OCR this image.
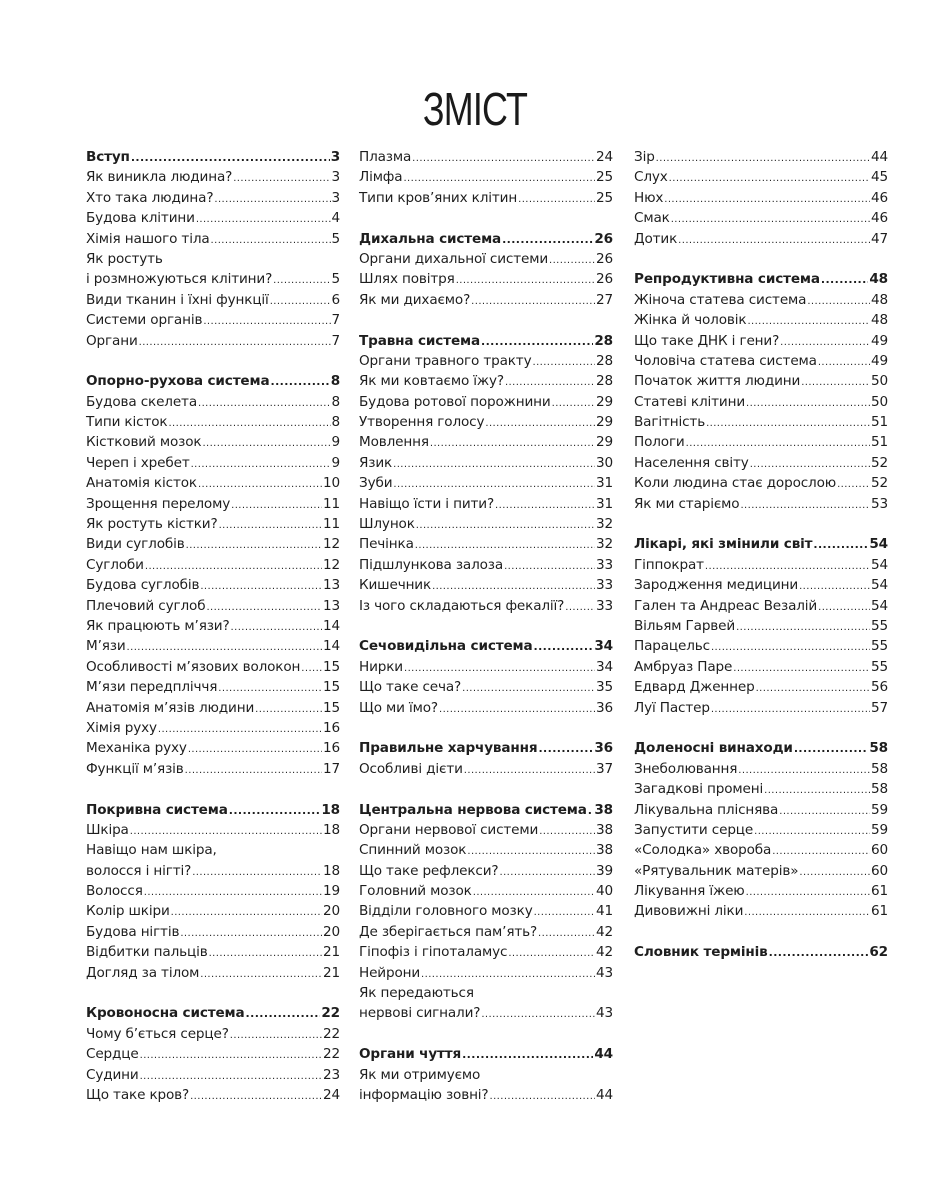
ЗМІСТ
Вступ .....	3
Як виникла людина? .....	3
Хто така людина? .....	3
Будова клітини .....	4
Хімія нашого тіла .....	5
Як ростуть
і розмножуються клітини? .....	5
Види тканин і їхні функції .....	6
Системи органів .....	7
Органи .....	7
Опорно-рухова система .....	8
Будова скелета .....	8
Типи кісток .....	8
Кістковий мозок .....	9
Череп і хребет .....	9
Анатомія кісток .....	10
Зрощення перелому .....	11
Як ростуть кістки? .....	11
Види суглобів .....	12
Суглоби .....	12
Будова суглобів .....	13
Плечовий суглоб .....	13
Як працюють м’язи? .....	14
М’язи .....	14
Особливості м’язових волокон ..... 15
М’язи передпліччя .....	15
Анатомія м’язів людини .....	15
Хімія руху .....	16
Механіка руху .....	16
Функції м’язів .....	17
Покривна система .....	18
Шкіра .....	18
Навіщо нам шкіра,
волосся і нігті? .....	18
Волосся .....	19
Колір шкіри .....	20
Будова нігтів .....	20
Відбитки пальців .....	21
Догляд за тілом .....	21
Кровоносна система .....	22
Чому б’ється серце? .....	22
Сердце .....	22
Судини .....	23
Що таке кров? .....	24
Плазма .....	24
Лімфа .....	25
Типи кров’яних клітин .....	25
Дихальна система .....	26
Органи дихальної системи .....	26
Шлях повітря .....	26
Як ми дихаємо? .....	27
Травна система .....	28
Органи травного тракту .....	28
Як ми ковтаємо їжу? .....	28
Будова ротової порожнини .....	29
Утворення голосу .....	29
Мовлення .....	29
Язик .....	30
Зуби .....	31
Навіщо їсти і пити? .....	31
Шлунок .....	32
Печінка .....	32
Підшлункова залоза .....	33
Кишечник .....	33
Із чого складаються фекалії? ..... 33
Сечовидільна система .....	34
Нирки .....	34
Що таке сеча? .....	35
Що ми їмо? .....	36
Правильне харчування .....	36
Особливі дієти .....	37
Центральна нервова система ..... 38
Органи нервової системи .....	38
Спинний мозок .....	38
Що таке рефлекси? .....	39
Головний мозок .....	40
Відділи головного мозку .....	41
Де зберігається пам’ять? .....	42
Гіпофіз і гіпоталамус .....	42
Нейрони .....	43
Як передаються
нервові сигнали? .....	43
Органи чуття .....	44
Як ми отримуємо
інформацію зовні? .....	44
Зір .....	44
Слух .....	45
Нюх .....	46
Смак .....	46
Дотик .....	47
Репродуктивна система .....	48
Жіноча статева система .....	48
Жінка й чоловік .....	48
Що таке ДНК і гени? .....	49
Чоловіча статева система .....	49
Початок життя людини .....	50
Статеві клітини .....	50
Вагітність .....	51
Пологи .....	51
Населення світу .....	52
Коли людина стає дорослою .....	52
Як ми старіємо .....	53
Лікарі, які змінили світ .....	54
Гіппократ .....	54
Зародження медицини .....	54
Гален та Андреас Везалій .....	54
Вільям Гарвей .....	55
Парацельс .....	55
Амбруаз Паре .....	55
Едвард Дженнер .....	56
Луї Пастер .....	57
Доленосні винаходи .....	58
Знеболювання .....	58
Загадкові промені .....	58
Лікувальна пліснява .....	59
Запустити серце .....	59
«Солодка» хвороба .....	60
«Рятувальник матерів» .....	60
Лікування їжею .....	61
Дивовижні ліки .....	61
Словник термінів .....	62
